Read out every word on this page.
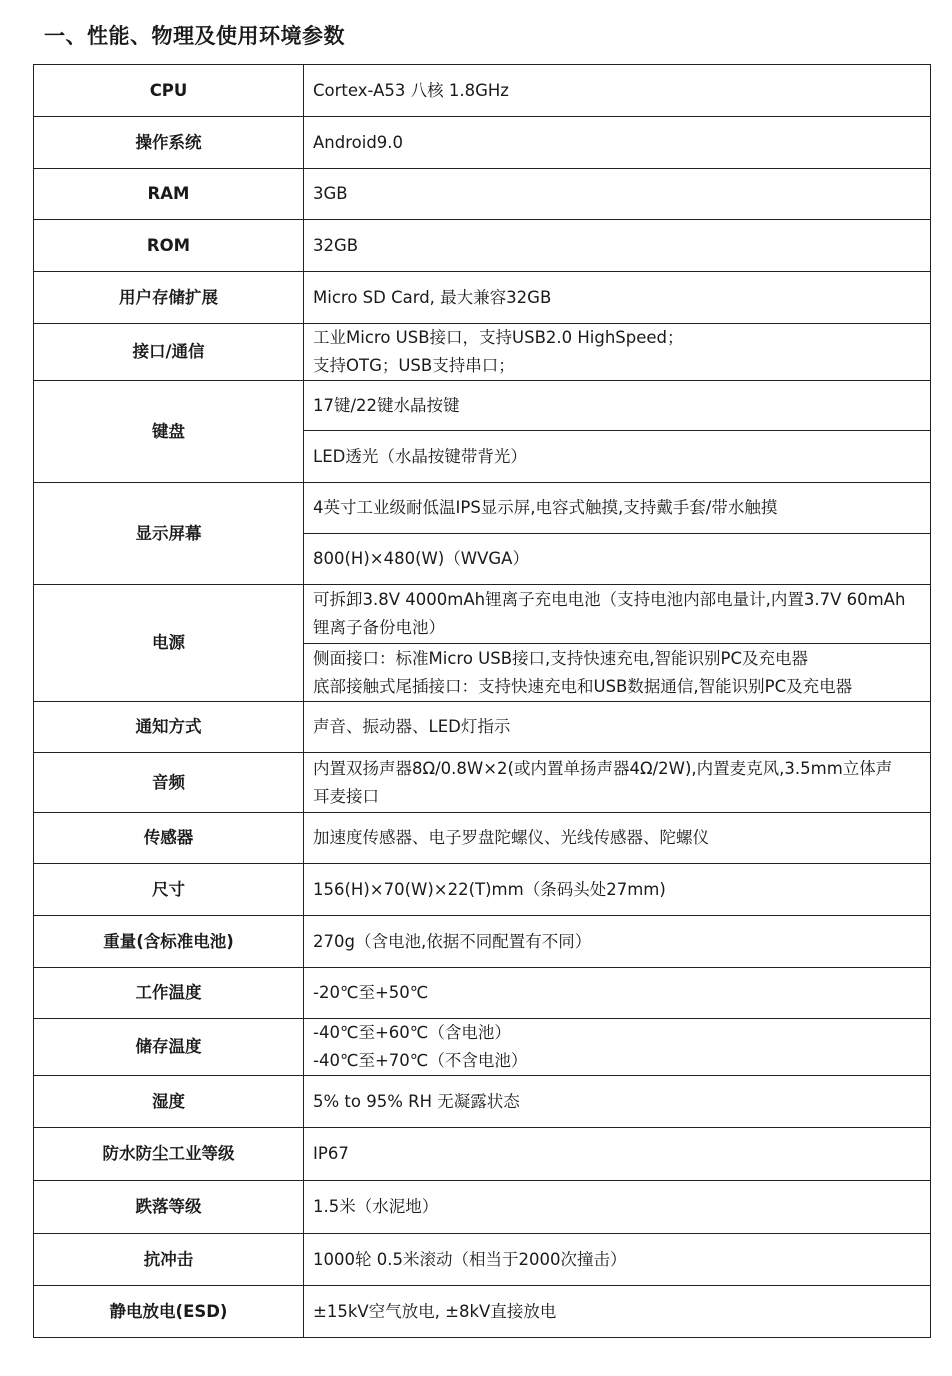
一、性能、物理及使用环境参数
CPU	Cortex-A53 八核 1.8GHz

操作系统	Android9.0

RAM	3GB

ROM	32GB

用户存储扩展	Micro SD Card, 最大兼容32GB

接口/通信	工业Micro USB接口，支持USB2.0 HighSpeed；
支持OTG；USB支持串口；

键盘	17键/22键水晶按键

	LED透光（水晶按键带背光）

显示屏幕	4英寸工业级耐低温IPS显示屏,电容式触摸,支持戴手套/带水触摸

	800(H)×480(W)（WVGA）

电源	可拆卸3.8V 4000mAh锂离子充电电池（支持电池内部电量计,内置3.7V 60mAh
锂离子备份电池）

	侧面接口：标准Micro USB接口,支持快速充电,智能识别PC及充电器
底部接触式尾插接口：支持快速充电和USB数据通信,智能识别PC及充电器

通知方式	声音、振动器、LED灯指示

音频	内置双扬声器8Ω/0.8W×2(或内置单扬声器4Ω/2W),内置麦克风,3.5mm立体声
耳麦接口

传感器	加速度传感器、电子罗盘陀螺仪、光线传感器、陀螺仪

尺寸	156(H)×70(W)×22(T)mm（条码头处27mm)

重量(含标准电池)	270g（含电池,依据不同配置有不同）

工作温度	-20℃至+50℃

储存温度	-40℃至+60℃（含电池）
-40℃至+70℃（不含电池）

湿度	5% to 95% RH 无凝露状态

防水防尘工业等级	IP67

跌落等级	1.5米（水泥地）

抗冲击	1000轮 0.5米滚动（相当于2000次撞击）

静电放电(ESD)	±15kV空气放电, ±8kV直接放电
